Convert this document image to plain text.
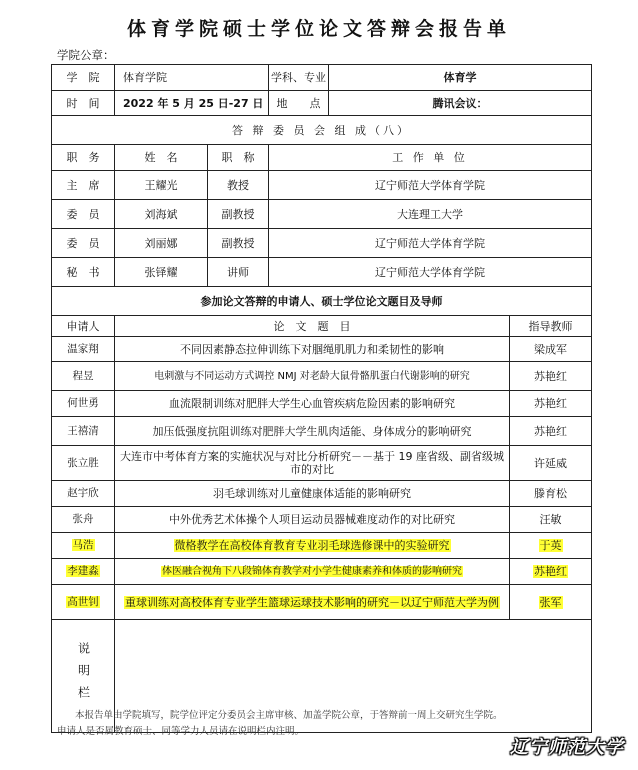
体育学院硕士学位论文答辩会报告单
学院公章：
学　院	体育学院		学科、专业	体育学	
时　间	2022 年 5 月 25 日-27 日		地　　点	腾讯会议：	
答 辩 委 员 会 组 成（八）					
职　务	姓　名	职　称	工 作 单 位		
主　席	王耀光	教授	辽宁师范大学体育学院		
委　员	刘海斌	副教授	大连理工大学		
委　员	刘丽娜	副教授	辽宁师范大学体育学院		
秘　书	张铎耀	讲师	辽宁师范大学体育学院		
参加论文答辩的申请人、硕士学位论文题目及导师					
申请人	论　文　题　目				指导教师
温家翔	不同因素静态拉伸训练下对腘绳肌肌力和柔韧性的影响				梁成军
程昱	电刺激与不同运动方式调控 NMJ 对老龄大鼠骨骼肌蛋白代谢影响的研究				苏艳红
何世勇	血流限制训练对肥胖大学生心血管疾病危险因素的影响研究				苏艳红
王禧清	加压低强度抗阻训练对肥胖大学生肌肉适能、身体成分的影响研究				苏艳红
张立胜	大连市中考体育方案的实施状况与对比分析研究－－基于 19 座省级、副省级城市的对比				许延威
赵宇欣	羽毛球训练对儿童健康体适能的影响研究				滕育松
张舟	中外优秀艺术体操个人项目运动员器械难度动作的对比研究				汪敏
马浩	微格教学在高校体育教育专业羽毛球选修课中的实验研究				于英
李建淼	体医融合视角下八段锦体育教学对小学生健康素养和体质的影响研究				苏艳红
高世钊	重球训练对高校体育专业学生篮球运球技术影响的研究－以辽宁师范大学为例				张军
说明栏					
本报告单由学院填写，院学位评定分委员会主席审核、加盖学院公章，于答辩前一周上交研究生学院。
申请人是否属教育硕士、同等学力人员请在说明栏内注明。
辽宁师范大学
